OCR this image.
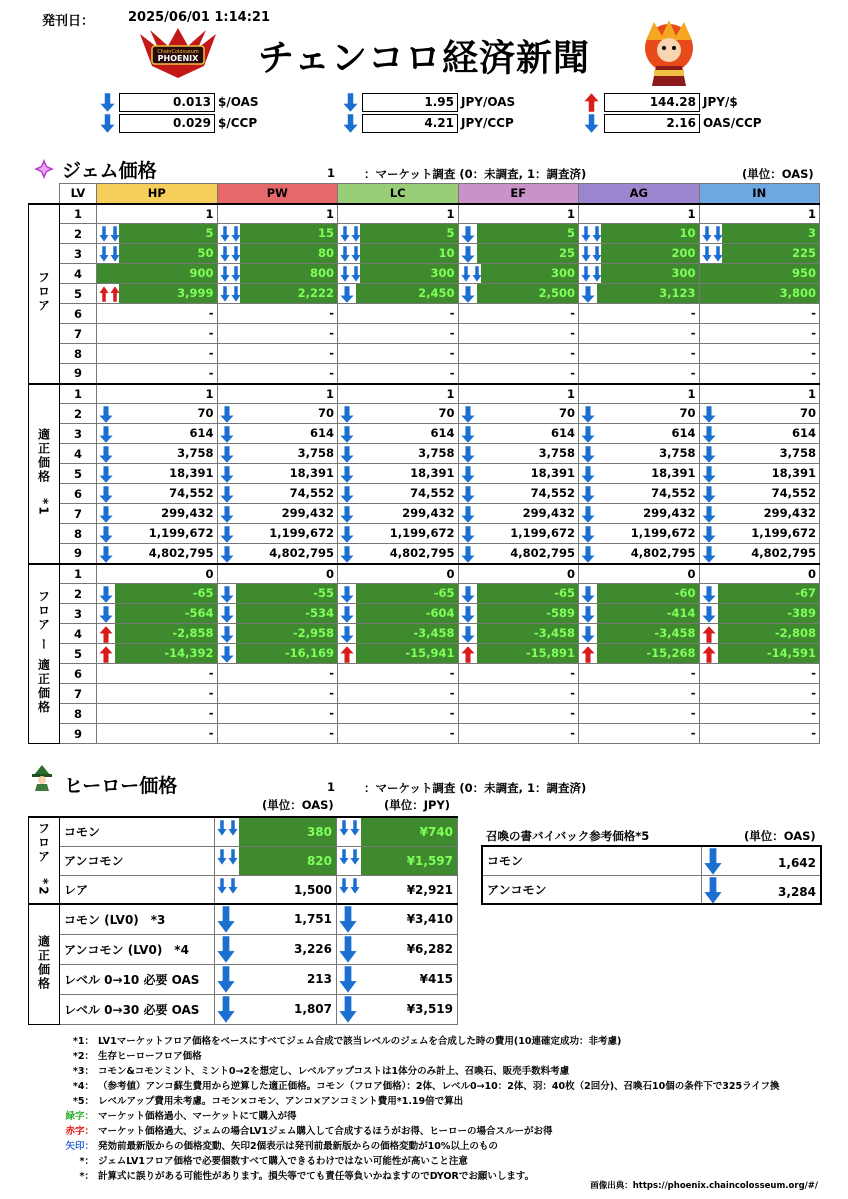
発刊日：	2025/06/01 1:14:21
ChainColosseum
PHOENIX	チェンコロ経済新聞
0.013 $/OAS
0.029 $/CCP
1.95 JPY/OAS
4.21 JPY/CCP
144.28 JPY/$
2.16 OAS/CCP
ジェム価格	1	：マーケット調査 (0：未調査, 1：調査済)	(単位：OAS)
	LV	HP	PW	LC	EF	AG	IN
フロア	1	1	1	1	1	1	1

	2	5	15	5	5	10	3

	3	50	80	10	25	200	225

	4	900	800	300	300	300	950

	5	3,999	2,222	2,450	2,500	3,123	3,800

	6	-	-	-	-	-	-

	7	-	-	-	-	-	-

	8	-	-	-	-	-	-

	9	-	-	-	-	-	-

適正価格　*1	1	1	1	1	1	1	1

	2	70	70	70	70	70	70

	3	614	614	614	614	614	614

	4	3,758	3,758	3,758	3,758	3,758	3,758

	5	18,391	18,391	18,391	18,391	18,391	18,391

	6	74,552	74,552	74,552	74,552	74,552	74,552

	7	299,432	299,432	299,432	299,432	299,432	299,432

	8	1,199,672	1,199,672	1,199,672	1,199,672	1,199,672	1,199,672

	9	4,802,795	4,802,795	4,802,795	4,802,795	4,802,795	4,802,795

フロア ー 適正価格	1	0	0	0	0	0	0

	2	-65	-55	-65	-65	-60	-67

	3	-564	-534	-604	-589	-414	-389

	4	-2,858	-2,958	-3,458	-3,458	-3,458	-2,808

	5	-14,392	-16,169	-15,941	-15,891	-15,268	-14,591

	6	-	-	-	-	-	-

	7	-	-	-	-	-	-

	8	-	-	-	-	-	-

	9	-	-	-	-	-	-
ヒーロー価格	1	：マーケット調査 (0：未調査, 1：調査済)
(単位：OAS)	(単位：JPY)
フロア　*2	コモン	380	¥740

	アンコモン	820	¥1,597

	レア	1,500	¥2,921

適正価格	コモン (LV0)　*3	1,751	¥3,410

	アンコモン (LV0)　*4	3,226	¥6,282

	レベル 0→10 必要 OAS	213	¥415

	レベル 0→30 必要 OAS	1,807	¥3,519
召喚の書バイバック参考価格*5	(単位：OAS)
コモン	1,642

アンコモン	3,284
*1： LV1マーケットフロア価格をベースにすべてジェム合成で該当レベルのジェムを合成した時の費用(10連確定成功：非考慮)
*2： 生存ヒーローフロア価格
*3： コモン&コモンミント、ミント0→2を想定し、レベルアップコストは1体分のみ計上、召喚石、販売手数料考慮
*4： （参考値）アンコ蘇生費用から逆算した適正価格。コモン（フロア価格）：2体、レベル0→10：2体、羽：40枚（2回分)、召喚石10個の条件下で325ライフ換
*5： レベルアップ費用未考慮。コモン×コモン、アンコ×アンコミント費用*1.19倍で算出
緑字： マーケット価格過小、マーケットにて購入が得
赤字： マーケット価格過大、ジェムの場合LV1ジェム購入して合成するほうがお得、ヒーローの場合スルーがお得
矢印： 発効前最新版からの価格変動、矢印2個表示は発刊前最新版からの価格変動が10%以上のもの
*： ジェムLV1フロア価格で必要個数すべて購入できるわけではない可能性が高いこと注意
*： 計算式に誤りがある可能性があります。損失等でても責任等負いかねますのでDYORでお願いします。
画像出典：https://phoenix.chaincolosseum.org/#/
